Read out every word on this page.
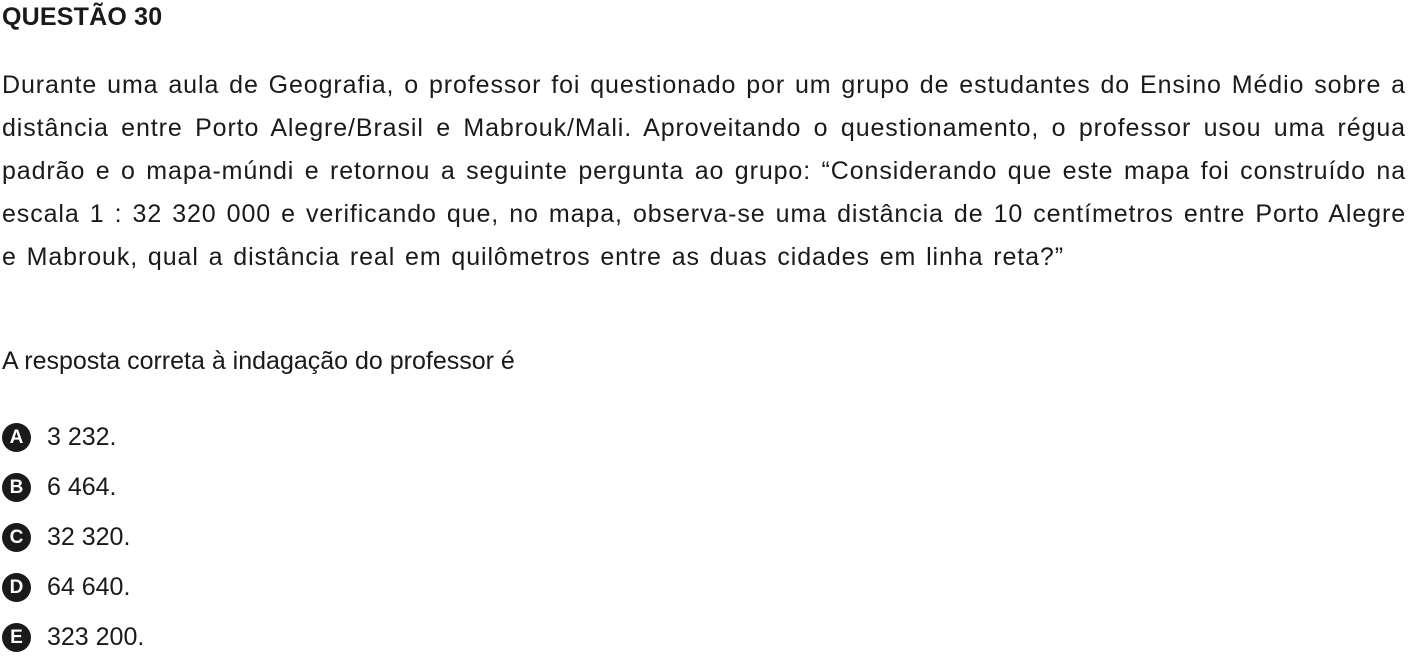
QUESTÃO 30

Durante uma aula de Geografia, o professor foi questionado por um grupo de estudantes do Ensino Médio sobre a distância entre Porto Alegre/Brasil e Mabrouk/Mali. Aproveitando o questionamento, o professor usou uma régua padrão e o mapa-múndi e retornou a seguinte pergunta ao grupo: “Considerando que este mapa foi construído na escala 1 : 32 320 000 e verificando que, no mapa, observa-se uma distância de 10 centímetros entre Porto Alegre e Mabrouk, qual a distância real em quilômetros entre as duas cidades em linha reta?”

A resposta correta à indagação do professor é

A 3 232.
B 6 464.
C 32 320.
D 64 640.
E 323 200.
